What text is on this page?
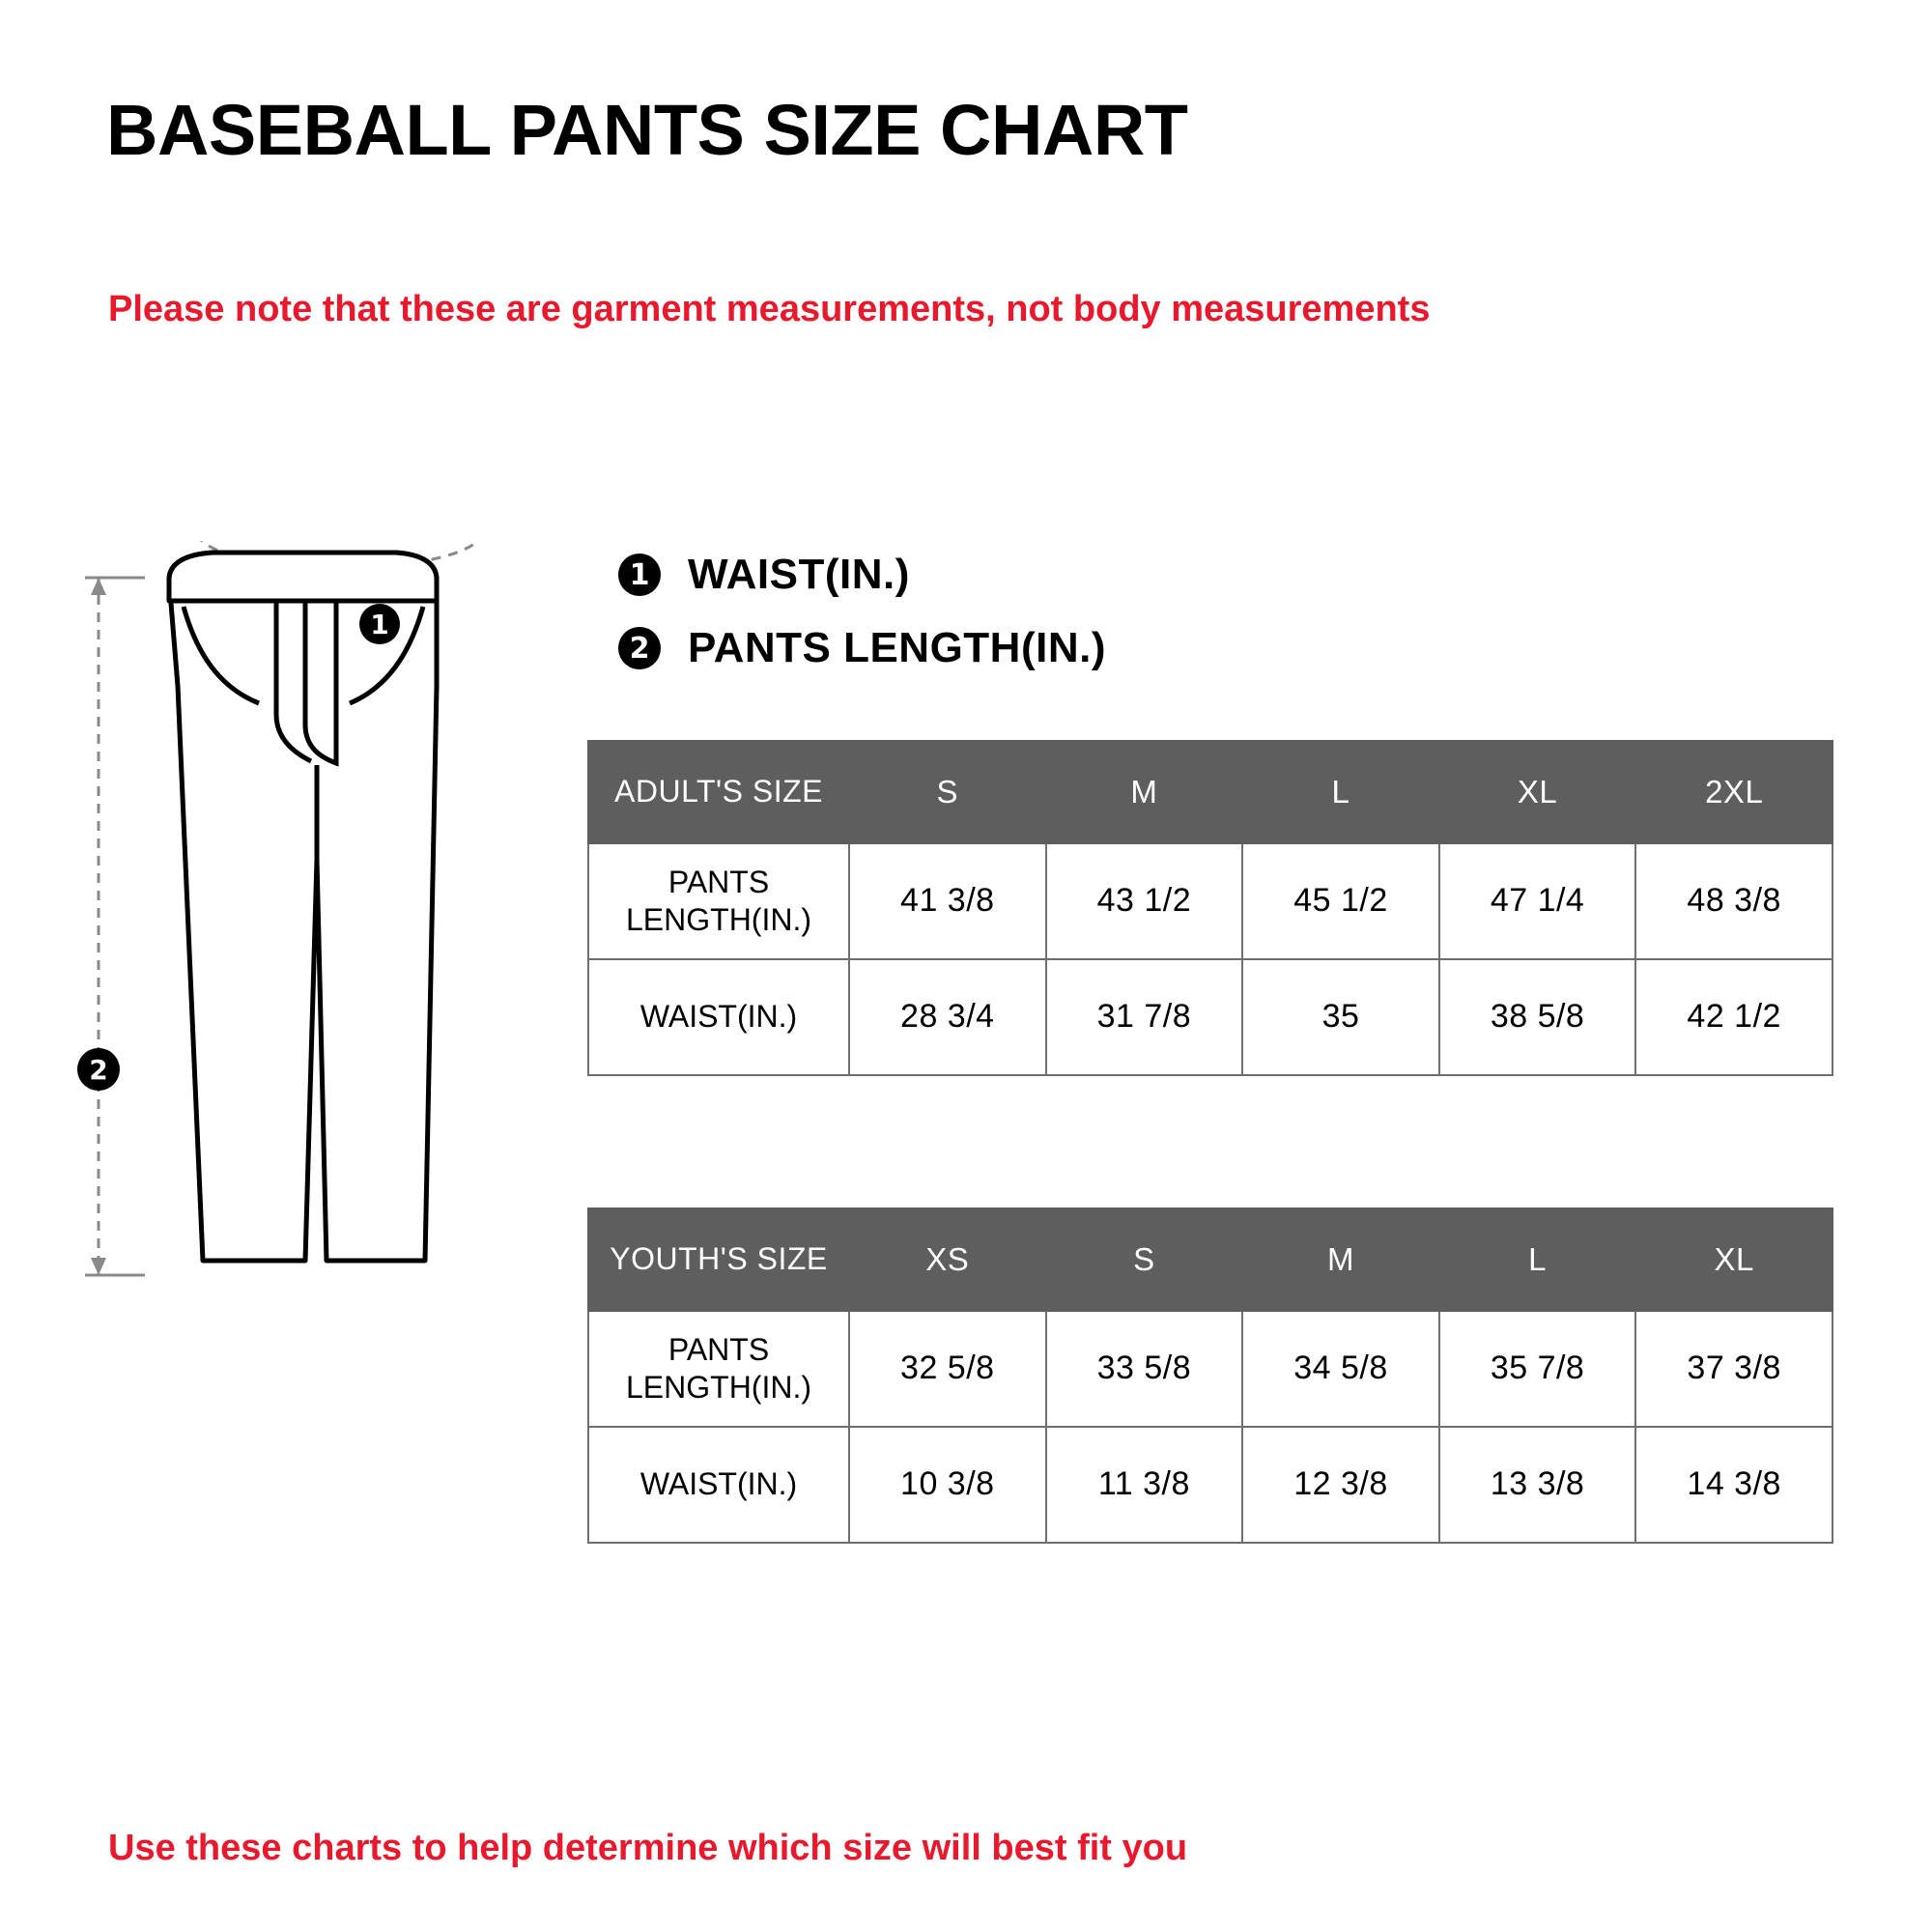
BASEBALL PANTS SIZE CHART
Please note that these are garment measurements, not body measurements
1
2
1 WAIST(IN.)
2 PANTS LENGTH(IN.)
ADULT'S SIZE	S	M	L	XL	2XL
PANTS LENGTH(IN.)	41 3/8	43 1/2	45 1/2	47 1/4	48 3/8
WAIST(IN.)	28 3/4	31 7/8	35	38 5/8	42 1/2
YOUTH'S SIZE	XS	S	M	L	XL
PANTS LENGTH(IN.)	32 5/8	33 5/8	34 5/8	35 7/8	37 3/8
WAIST(IN.)	10 3/8	11 3/8	12 3/8	13 3/8	14 3/8
Use these charts to help determine which size will best fit you
